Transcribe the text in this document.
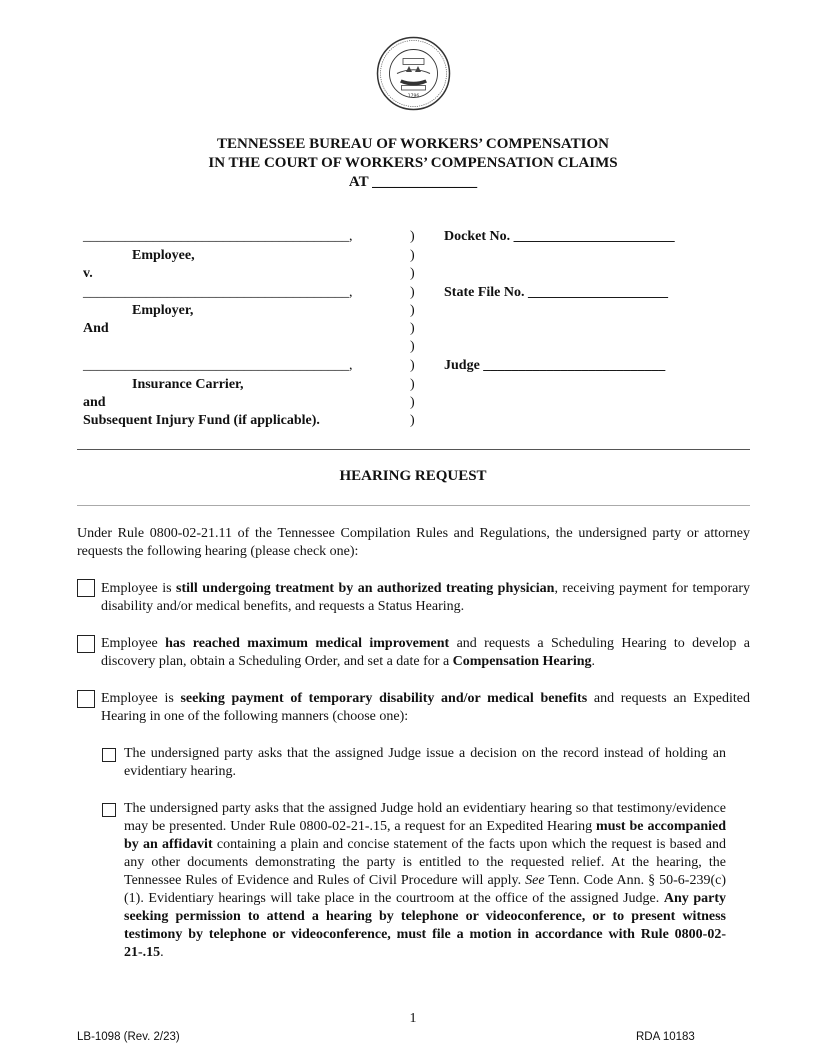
1796
TENNESSEE BUREAU OF WORKERS’ COMPENSATION
IN THE COURT OF WORKERS’ COMPENSATION CLAIMS
AT ______________
______________________________________,
Employee,
v.
______________________________________,
Employer,
And
______________________________________,
Insurance Carrier,
and
Subsequent Injury Fund (if applicable).
)
)
)
)
)
)
)
)
)
)
)
Docket No. _______________________
State File No. ____________________
Judge __________________________
HEARING REQUEST
Under Rule 0800-02-21.11 of the Tennessee Compilation Rules and Regulations, the undersigned party or attorney requests the following hearing (please check one):
Employee is still undergoing treatment by an authorized treating physician, receiving payment for temporary disability and/or medical benefits, and requests a Status Hearing.
Employee has reached maximum medical improvement and requests a Scheduling Hearing to develop a discovery plan, obtain a Scheduling Order, and set a date for a Compensation Hearing.
Employee is seeking payment of temporary disability and/or medical benefits and requests an Expedited Hearing in one of the following manners (choose one):
The undersigned party asks that the assigned Judge issue a decision on the record instead of holding an evidentiary hearing.
The undersigned party asks that the assigned Judge hold an evidentiary hearing so that testimony/evidence may be presented. Under Rule 0800-02-21-.15, a request for an Expedited Hearing must be accompanied by an affidavit containing a plain and concise statement of the facts upon which the request is based and any other documents demonstrating the party is entitled to the requested relief. At the hearing, the Tennessee Rules of Evidence and Rules of Civil Procedure will apply. See Tenn. Code Ann. § 50-6-239(c)(1). Evidentiary hearings will take place in the courtroom at the office of the assigned Judge. Any party seeking permission to attend a hearing by telephone or videoconference, or to present witness testimony by telephone or videoconference, must file a motion in accordance with Rule 0800-02-21-.15.
1
LB-1098 (Rev. 2/23)	RDA 10183
